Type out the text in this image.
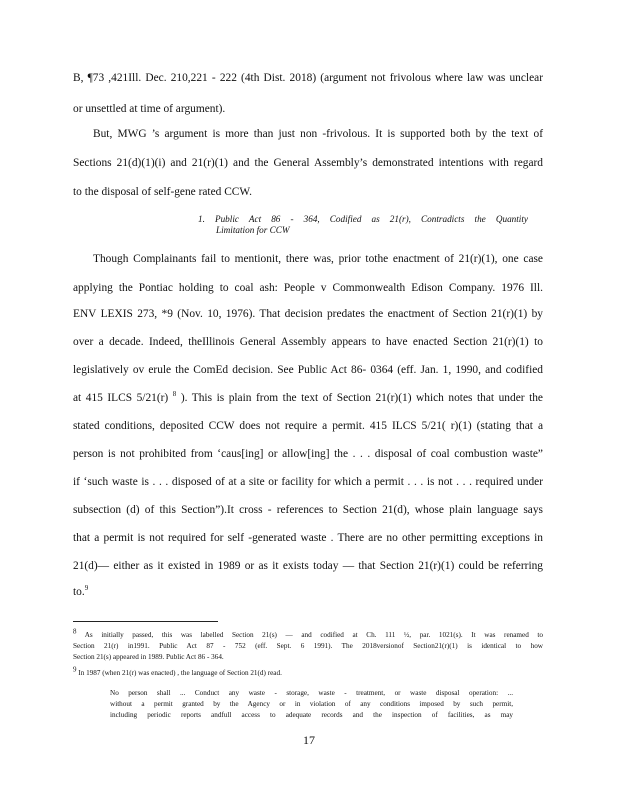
B, ¶73 ,421Ill. Dec. 210,221 - 222 (4th Dist. 2018) (argument not frivolous where law was unclear
or unsettled at time of argument).
But, MWG ’s argument is more than just non -frivolous. It is supported both by the text of
Sections 21(d)(1)(i) and 21(r)(1) and the General Assembly’s demonstrated intentions with regard
to the disposal of self-gene rated CCW.
1. Public Act 86 - 364, Codified as 21(r), Contradicts the Quantity
Limitation for CCW
Though Complainants fail to mentionit, there was, prior tothe enactment of 21(r)(1), one case
applying the Pontiac holding to coal ash: People v Commonwealth Edison Company. 1976 Ill.
ENV LEXIS 273, *9 (Nov. 10, 1976). That decision predates the enactment of Section 21(r)(1) by
over a decade. Indeed, theIllinois General Assembly appears to have enacted Section 21(r)(1) to
legislatively ov erule the ComEd decision. See Public Act 86- 0364 (eff. Jan. 1, 1990, and codified
at 415 ILCS 5/21(r) $^8$ ). This is plain from the text of Section 21(r)(1) which notes that under the
stated conditions, deposited CCW does not require a permit. 415 ILCS 5/21( r)(1) (stating that a
person is not prohibited from ‘caus[ing] or allow[ing] the . . . disposal of coal combustion waste”
if ‘such waste is . . . disposed of at a site or facility for which a permit . . . is not . . . required under
subsection (d) of this Section”).It cross - references to Section 21(d), whose plain language says
that a permit is not required for self -generated waste . There are no other permitting exceptions in
21(d)— either as it existed in 1989 or as it exists today — that Section 21(r)(1) could be referring
to.$^9$
$^8$ As initially passed, this was labelled Section 21(s) — and codified at Ch. 111 ½, par. 1021(s). It was renamed to
Section 21(r) in1991. Public Act 87 - 752 (eff. Sept. 6 1991). The 2018versionof Section21(r)(1) is identical to how
Section 21(s) appeared in 1989. Public Act 86 - 364.
$^9$ In 1987 (when 21(r) was enacted) , the language of Section 21(d) read.
No person shall ... Conduct any waste - storage, waste - treatment, or waste disposal operation: ...
without a permit granted by the Agency or in violation of any conditions imposed by such permit,
including periodic reports andfull access to adequate records and the inspection of facilities, as may
17
